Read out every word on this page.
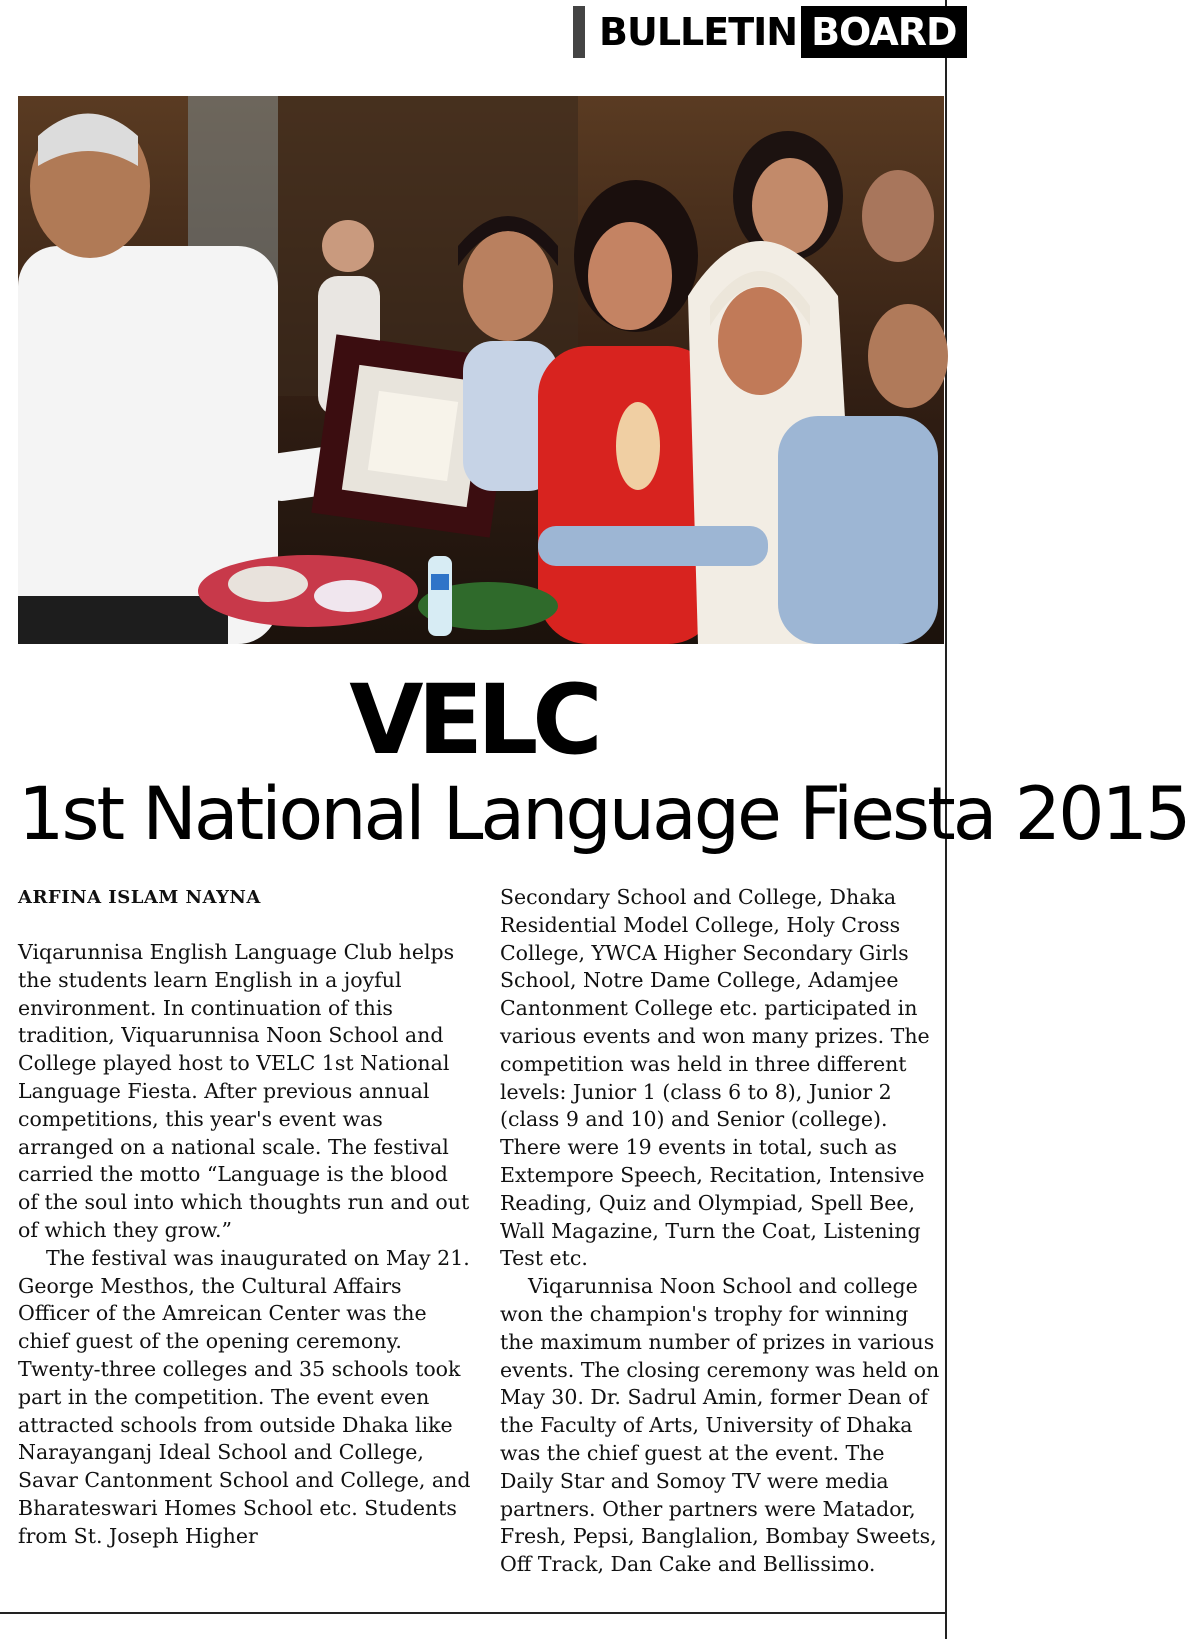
BULLETIN BOARD
VELC
1st National Language Fiesta 2015
ARFINA ISLAM NAYNA

Viqarunnisa English Language Club helps the students learn English in a joyful environment. In continuation of this tradition, Viquarunnisa Noon School and College played host to VELC 1st National Language Fiesta. After previous annual competitions, this year's event was arranged on a national scale. The festival carried the motto “Language is the blood of the soul into which thoughts run and out of which they grow.”

The festival was inaugurated on May 21. George Mesthos, the Cultural Affairs Officer of the Amreican Center was the chief guest of the opening ceremony. Twenty-three colleges and 35 schools took part in the competition. The event even attracted schools from outside Dhaka like Narayanganj Ideal School and College, Savar Cantonment School and College, and Bharateswari Homes School etc. Students from St. Joseph Higher

Secondary School and College, Dhaka Residential Model College, Holy Cross College, YWCA Higher Secondary Girls School, Notre Dame College, Adamjee Cantonment College etc. participated in various events and won many prizes. The competition was held in three different levels: Junior 1 (class 6 to 8), Junior 2 (class 9 and 10) and Senior (college). There were 19 events in total, such as Extempore Speech, Recitation, Intensive Reading, Quiz and Olympiad, Spell Bee, Wall Magazine, Turn the Coat, Listening Test etc.

Viqarunnisa Noon School and college won the champion's trophy for winning the maximum number of prizes in various events. The closing ceremony was held on May 30. Dr. Sadrul Amin, former Dean of the Faculty of Arts, University of Dhaka was the chief guest at the event. The Daily Star and Somoy TV were media partners. Other partners were Matador, Fresh, Pepsi, Banglalion, Bombay Sweets, Off Track, Dan Cake and Bellissimo.
